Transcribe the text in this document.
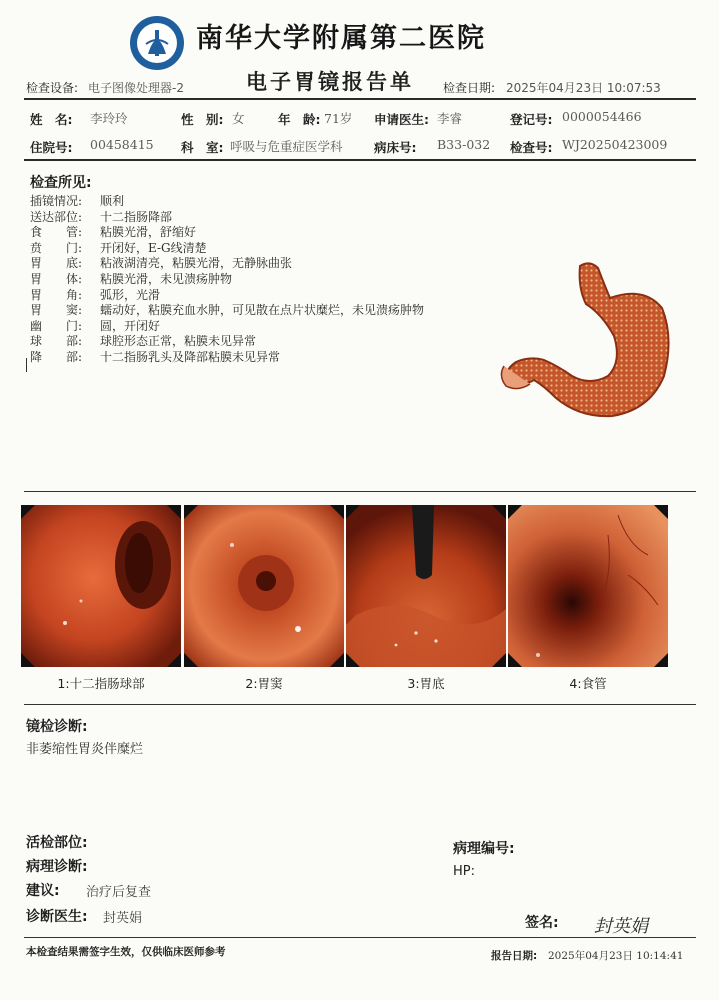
南华大学附属第二医院
电子胃镜报告单
检查设备: 电子图像处理器-2	检查日期: 2025年04月23日 10:07:53
姓　名: 李玲玲	性　别: 女	年　龄: 71岁 申请医生: 李睿	登记号: 0000054466
住院号: 00458415 科　室: 呼吸与危重症医学科	病床号: B33-032 检查号: WJ20250423009
检查所见:
插镜情况: 顺利
送达部位: 十二指肠降部
食　　管: 粘膜光滑，舒缩好
贲　　门: 开闭好，E-G线清楚
胃　　底: 粘液湖清亮，粘膜光滑，无静脉曲张
胃　　体: 粘膜光滑，未见溃疡肿物
胃　　角: 弧形，光滑
胃　　窦: 蠕动好，粘膜充血水肿，可见散在点片状糜烂，未见溃疡肿物
幽　　门: 圆，开闭好
球　　部: 球腔形态正常，粘膜未见异常
降　　部: 十二指肠乳头及降部粘膜未见异常
1:十二指肠球部	2:胃窦	3:胃底	4:食管
镜检诊断:
非萎缩性胃炎伴糜烂
活检部位:
病理诊断:
建议: 治疗后复查
诊断医生: 封英娟
病理编号:
HP:
签名: 封英娟
本检查结果需签字生效，仅供临床医师参考	报告日期: 2025年04月23日 10:14:41
